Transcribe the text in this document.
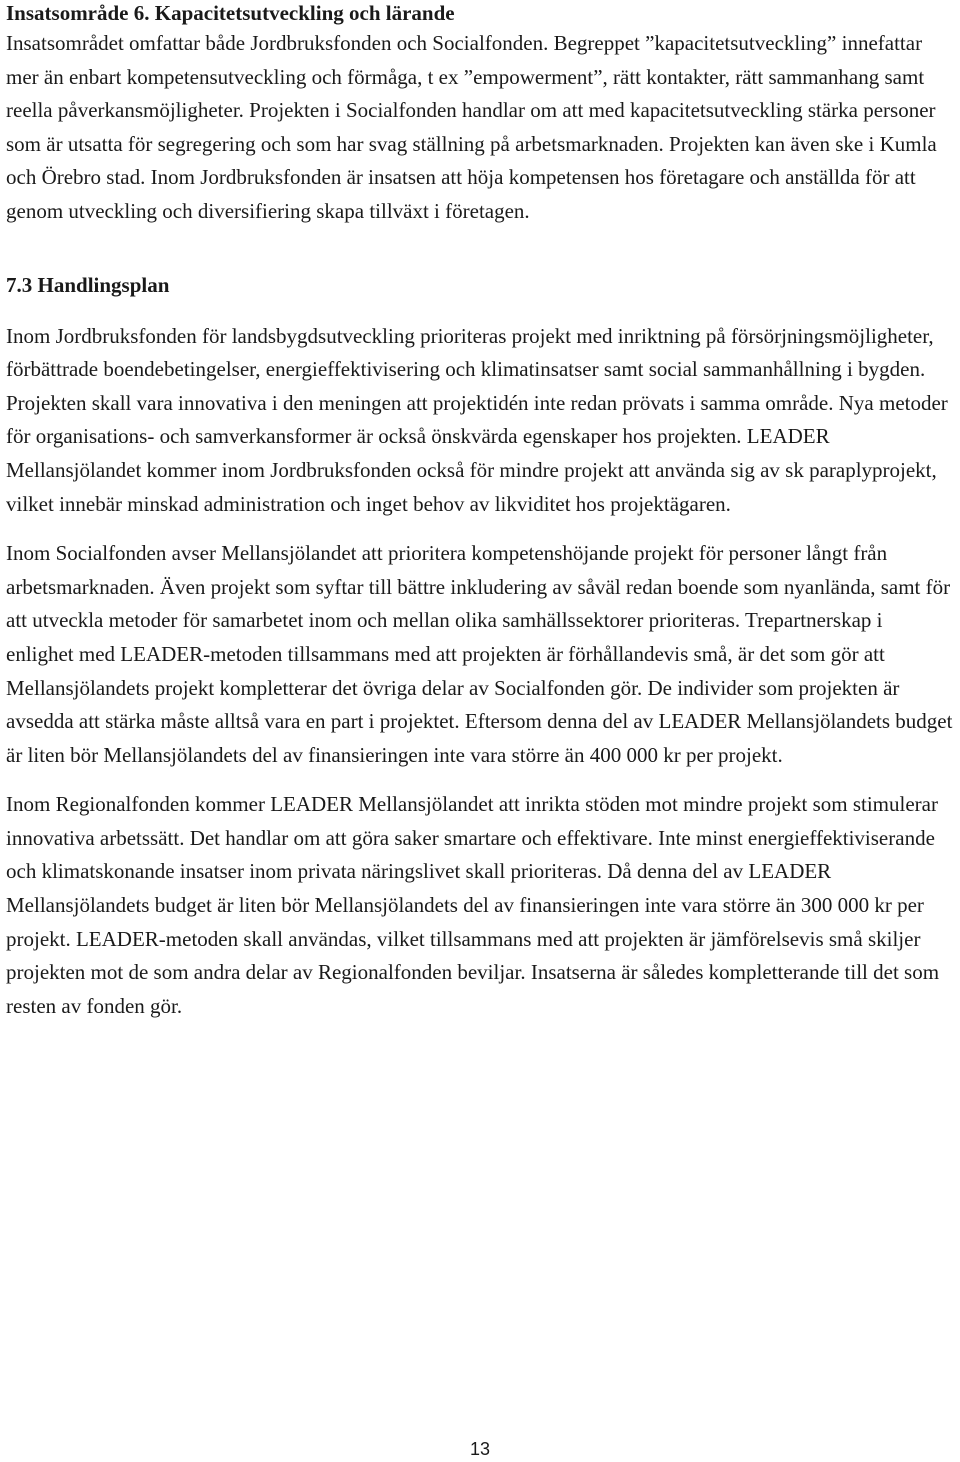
Insatsområde 6. Kapacitetsutveckling och lärande

Insatsområdet omfattar både Jordbruksfonden och Socialfonden. Begreppet ”kapacitetsutveckling” innefattar mer än enbart kompetensutveckling och förmåga, t ex ”empowerment”, rätt kontakter, rätt sammanhang samt reella påverkansmöjligheter. Projekten i Socialfonden handlar om att med kapacitetsutveckling stärka personer som är utsatta för segregering och som har svag ställning på arbetsmarknaden. Projekten kan även ske i Kumla och Örebro stad. Inom Jordbruksfonden är insatsen att höja kompetensen hos företagare och anställda för att genom utveckling och diversifiering skapa tillväxt i företagen.

7.3 Handlingsplan

Inom Jordbruksfonden för landsbygdsutveckling prioriteras projekt med inriktning på försörjningsmöjligheter, förbättrade boendebetingelser, energieffektivisering och klimatinsatser samt social sammanhållning i bygden. Projekten skall vara innovativa i den meningen att projektidén inte redan prövats i samma område. Nya metoder för organisations- och samverkansformer är också önskvärda egenskaper hos projekten. LEADER Mellansjölandet kommer inom Jordbruksfonden också för mindre projekt att använda sig av sk paraplyprojekt, vilket innebär minskad administration och inget behov av likviditet hos projektägaren.

Inom Socialfonden avser Mellansjölandet att prioritera kompetenshöjande projekt för personer långt från arbetsmarknaden. Även projekt som syftar till bättre inkludering av såväl redan boende som nyanlända, samt för att utveckla metoder för samarbetet inom och mellan olika samhällssektorer prioriteras. Trepartnerskap i enlighet med LEADER-metoden tillsammans med att projekten är förhållandevis små, är det som gör att Mellansjölandets projekt kompletterar det övriga delar av Socialfonden gör. De individer som projekten är avsedda att stärka måste alltså vara en part i projektet. Eftersom denna del av LEADER Mellansjölandets budget är liten bör Mellansjölandets del av finansieringen inte vara större än 400 000 kr per projekt.

Inom Regionalfonden kommer LEADER Mellansjölandet att inrikta stöden mot mindre projekt som stimulerar innovativa arbetssätt. Det handlar om att göra saker smartare och effektivare. Inte minst energieffektiviserande och klimatskonande insatser inom privata näringslivet skall prioriteras. Då denna del av LEADER Mellansjölandets budget är liten bör Mellansjölandets del av finansieringen inte vara större än 300 000 kr per projekt. LEADER-metoden skall användas, vilket tillsammans med att projekten är jämförelsevis små skiljer projekten mot de som andra delar av Regionalfonden beviljar. Insatserna är således kompletterande till det som resten av fonden gör.

13
